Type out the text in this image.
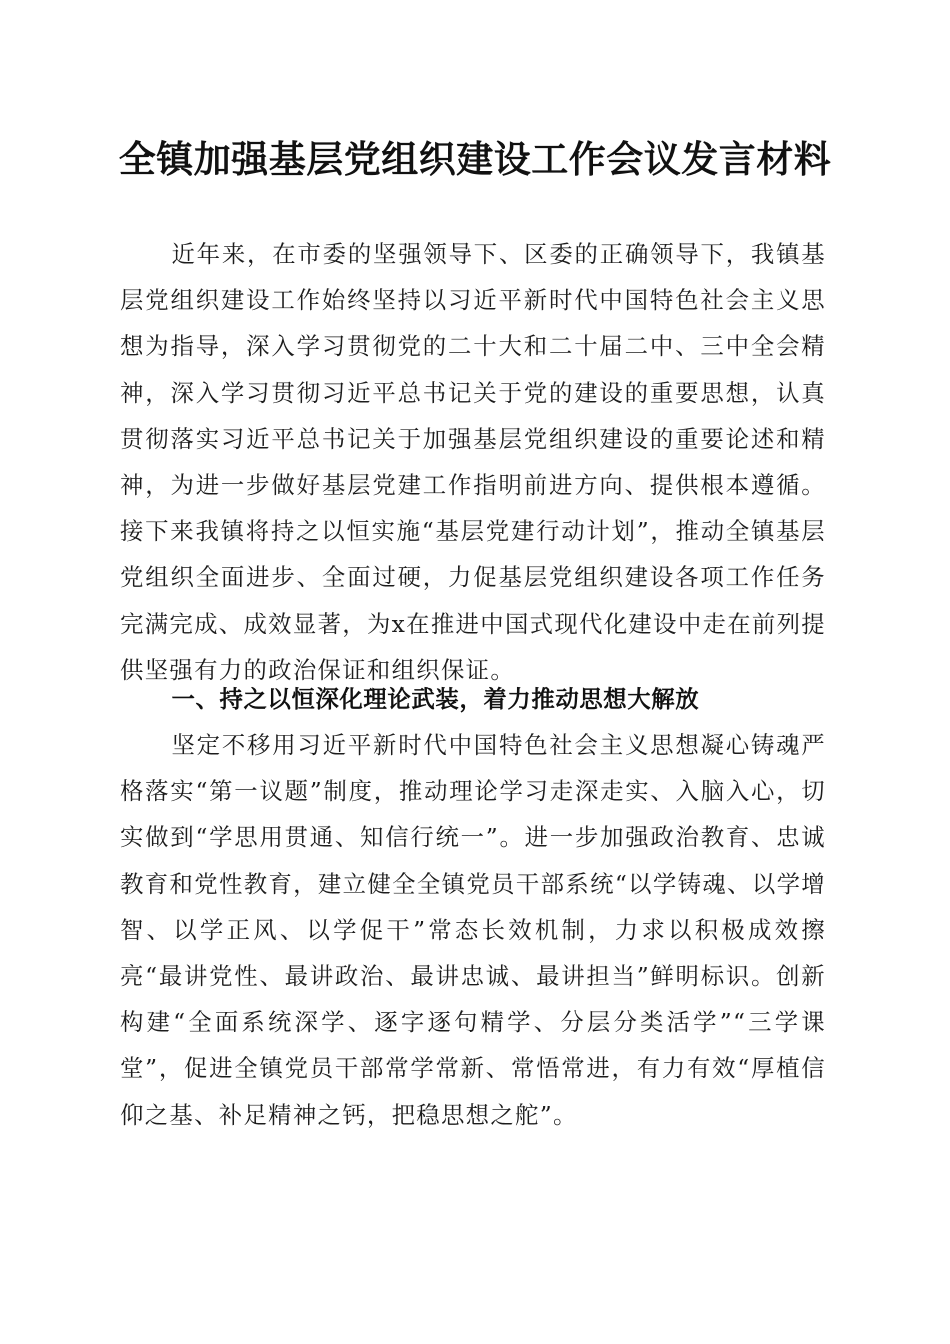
全镇加强基层党组织建设工作会议发言材料

近年来，在市委的坚强领导下、区委的正确领导下，我镇基层党组织建设工作始终坚持以习近平新时代中国特色社会主义思想为指导，深入学习贯彻党的二十大和二十届二中、三中全会精神，深入学习贯彻习近平总书记关于党的建设的重要思想，认真贯彻落实习近平总书记关于加强基层党组织建设的重要论述和精神，为进一步做好基层党建工作指明前进方向、提供根本遵循。接下来我镇将持之以恒实施“基层党建行动计划”，推动全镇基层党组织全面进步、全面过硬，力促基层党组织建设各项工作任务完满完成、成效显著，为x在推进中国式现代化建设中走在前列提供坚强有力的政治保证和组织保证。

一、持之以恒深化理论武装，着力推动思想大解放

坚定不移用习近平新时代中国特色社会主义思想凝心铸魂严格落实“第一议题”制度，推动理论学习走深走实、入脑入心，切实做到“学思用贯通、知信行统一”。进一步加强政治教育、忠诚教育和党性教育，建立健全全镇党员干部系统“以学铸魂、以学增智、以学正风、以学促干”常态长效机制，力求以积极成效擦亮“最讲党性、最讲政治、最讲忠诚、最讲担当”鲜明标识。创新构建“全面系统深学、逐字逐句精学、分层分类活学”“三学课堂”，促进全镇党员干部常学常新、常悟常进，有力有效“厚植信仰之基、补足精神之钙，把稳思想之舵”。
